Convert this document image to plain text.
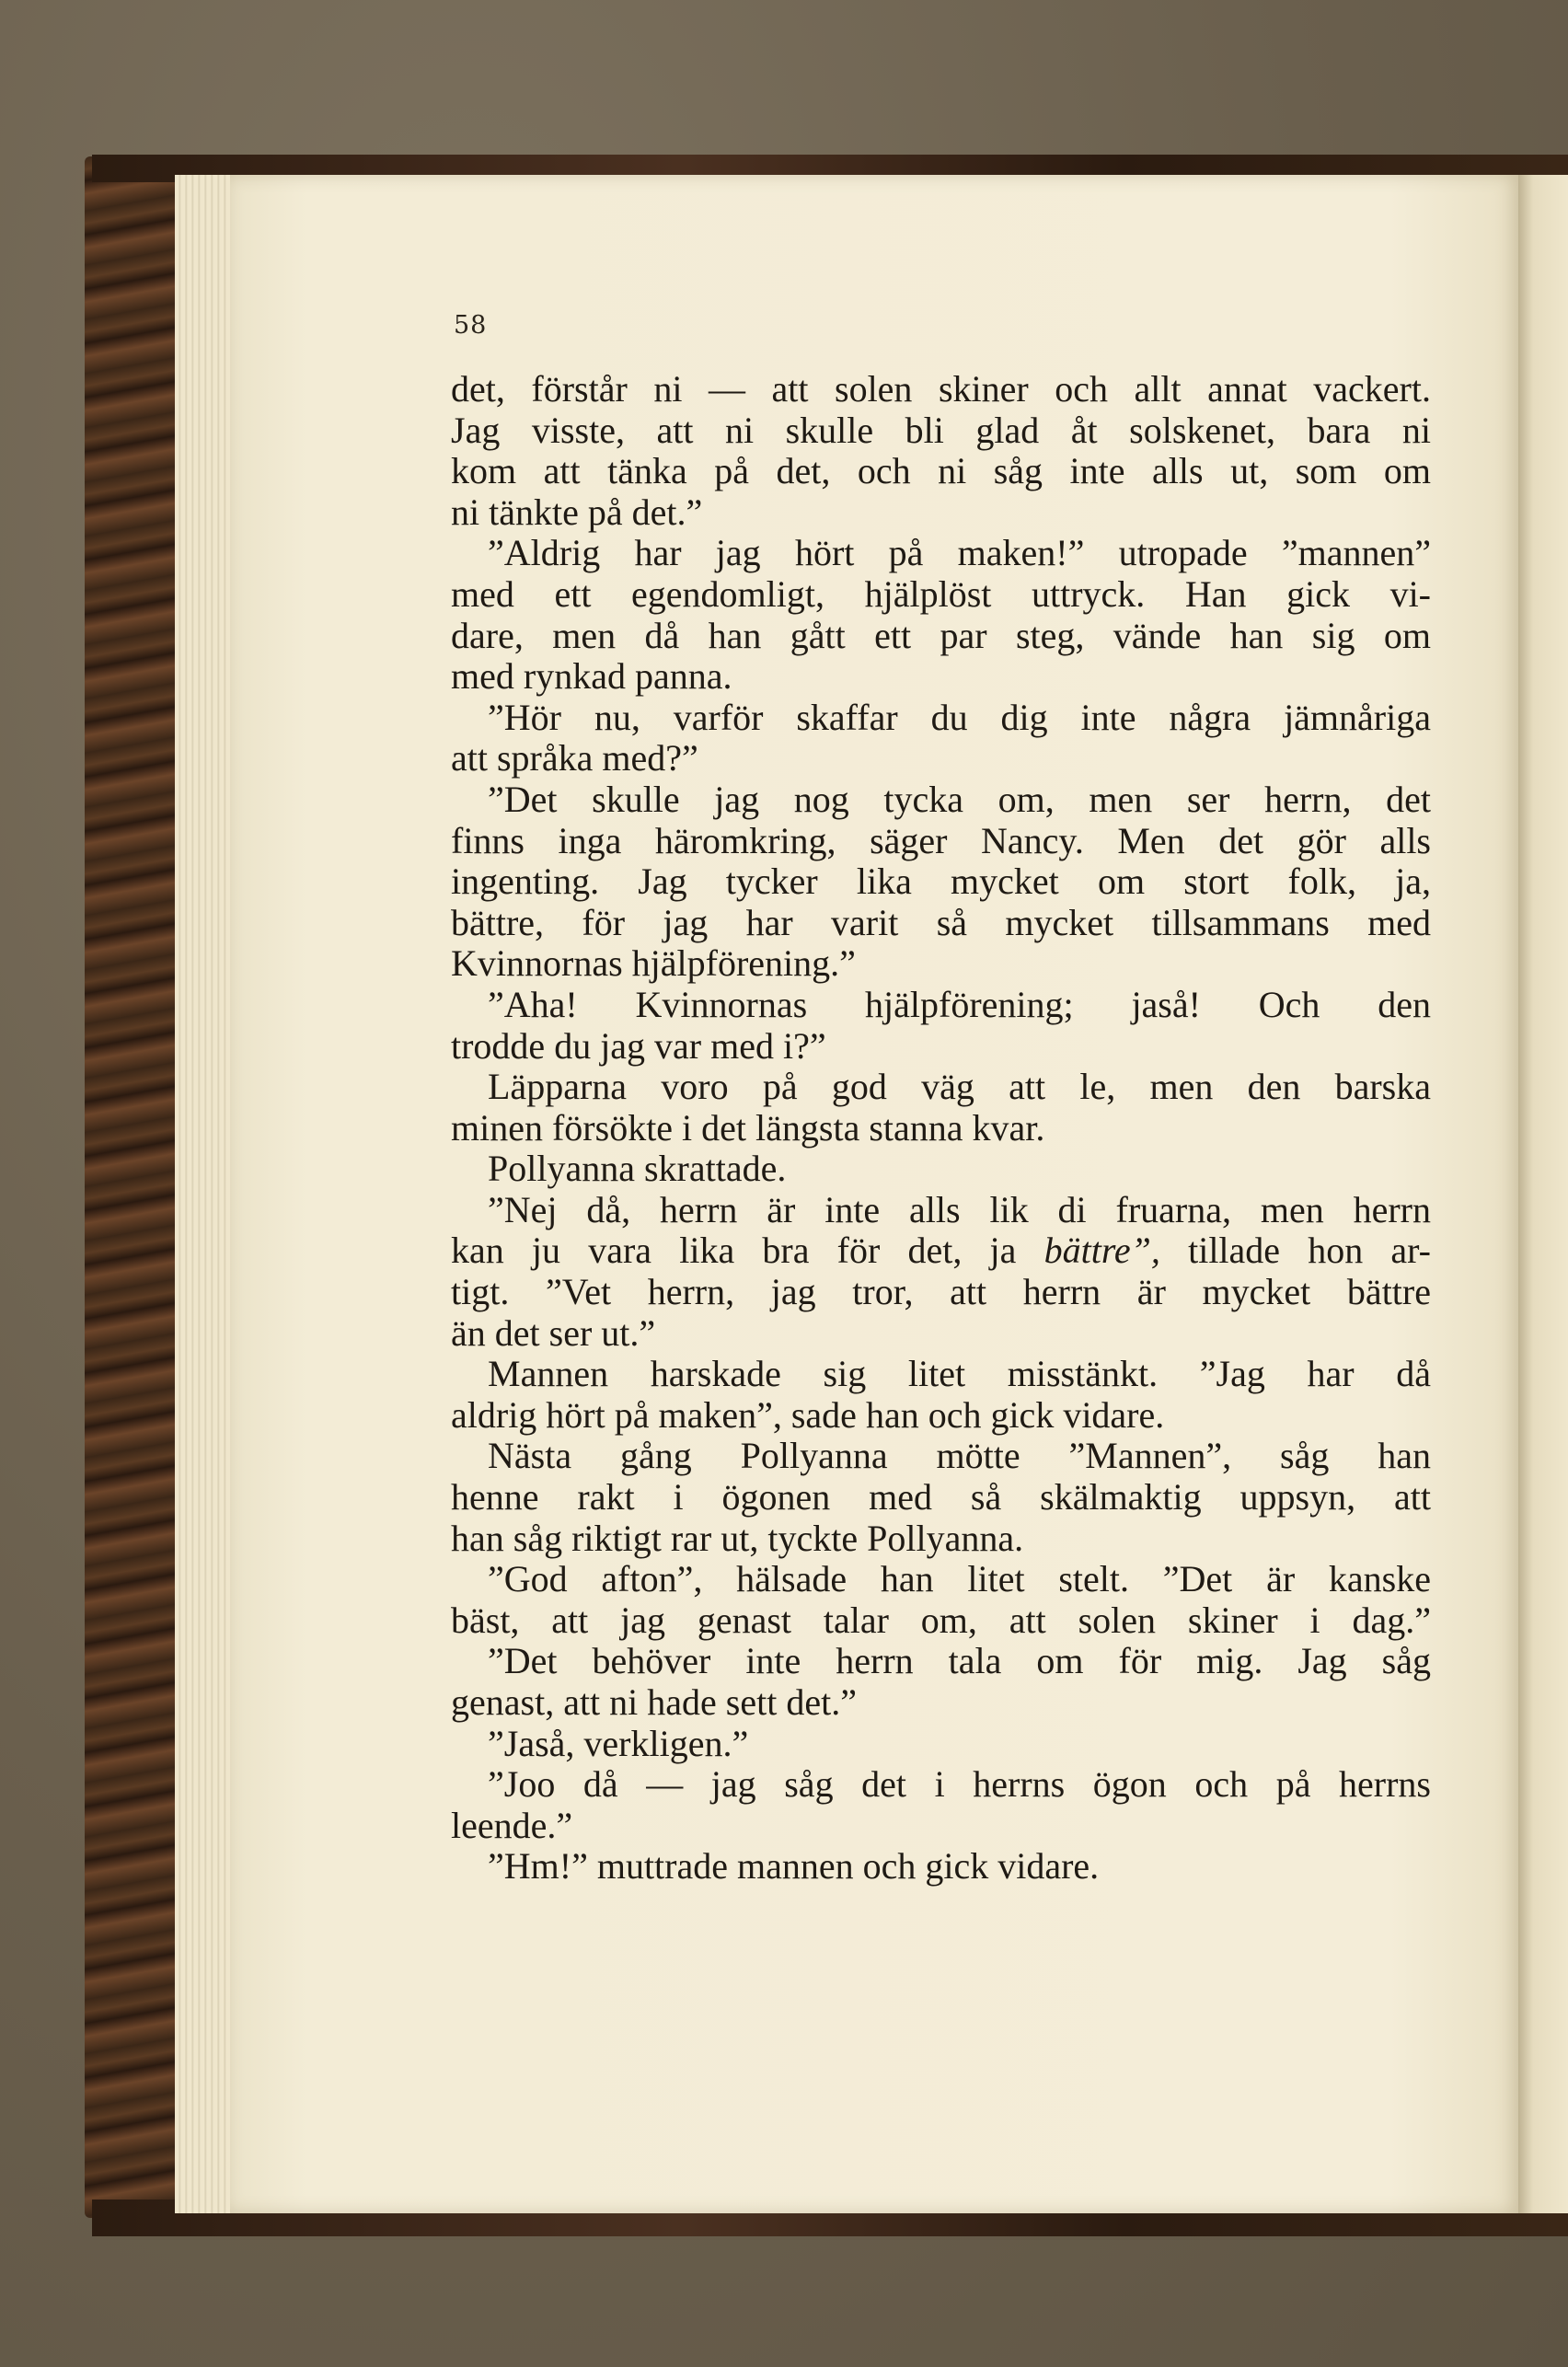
58
det, förstår ni — att solen skiner och allt annat vackert.
Jag visste, att ni skulle bli glad åt solskenet, bara ni
kom att tänka på det, och ni såg inte alls ut, som om
ni tänkte på det.”
”Aldrig har jag hört på maken!” utropade ”mannen”
med ett egendomligt, hjälplöst uttryck. Han gick vi-
dare, men då han gått ett par steg, vände han sig om
med rynkad panna.
”Hör nu, varför skaffar du dig inte några jämnåriga
att språka med?”
”Det skulle jag nog tycka om, men ser herrn, det
finns inga häromkring, säger Nancy. Men det gör alls
ingenting. Jag tycker lika mycket om stort folk, ja,
bättre, för jag har varit så mycket tillsammans med
Kvinnornas hjälpförening.”
”Aha! Kvinnornas hjälpförening; jaså! Och den
trodde du jag var med i?”
Läpparna voro på god väg att le, men den barska
minen försökte i det längsta stanna kvar.
Pollyanna skrattade.
”Nej då, herrn är inte alls lik di fruarna, men herrn
kan ju vara lika bra för det, ja bättre”, tillade hon ar-
tigt. ”Vet herrn, jag tror, att herrn är mycket bättre
än det ser ut.”
Mannen harskade sig litet misstänkt. ”Jag har då
aldrig hört på maken”, sade han och gick vidare.
Nästa gång Pollyanna mötte ”Mannen”, såg han
henne rakt i ögonen med så skälmaktig uppsyn, att
han såg riktigt rar ut, tyckte Pollyanna.
”God afton”, hälsade han litet stelt. ”Det är kanske
bäst, att jag genast talar om, att solen skiner i dag.”
”Det behöver inte herrn tala om för mig. Jag såg
genast, att ni hade sett det.”
”Jaså, verkligen.”
”Joo då — jag såg det i herrns ögon och på herrns
leende.”
”Hm!” muttrade mannen och gick vidare.
